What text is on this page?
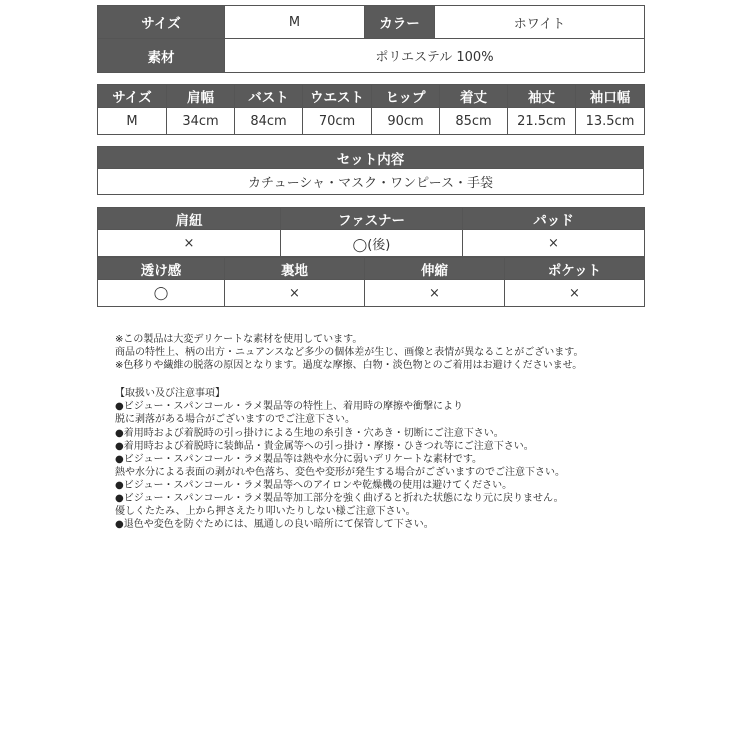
サイズ	M	カラー	ホワイト
素材	ポリエステル 100%		
サイズ	肩幅	バスト	ウエスト	ヒップ	着丈	袖丈	袖口幅
M	34cm	84cm	70cm	90cm	85cm	21.5cm	13.5cm
セット内容
カチューシャ・マスク・ワンピース・手袋
肩紐	ファスナー	パッド
×	◯(後)	×
透け感	裏地	伸縮	ポケット
◯	×	×	×
※この製品は大変デリケートな素材を使用しています。
商品の特性上、柄の出方・ニュアンスなど多少の個体差が生じ、画像と表情が異なることがございます。
※色移りや繊維の脱落の原因となります。過度な摩擦、白物・淡色物とのご着用はお避けくださいませ。
【取扱い及び注意事項】
●ビジュー・スパンコール・ラメ製品等の特性上、着用時の摩擦や衝撃により
脱に剥落がある場合がございますのでご注意下さい。
●着用時および着脱時の引っ掛けによる生地の糸引き・穴あき・切断にご注意下さい。
●着用時および着脱時に装飾品・貴金属等への引っ掛け・摩擦・ひきつれ等にご注意下さい。
●ビジュー・スパンコール・ラメ製品等は熱や水分に弱いデリケートな素材です。
熱や水分による表面の剥がれや色落ち、変色や変形が発生する場合がございますのでご注意下さい。
●ビジュー・スパンコール・ラメ製品等へのアイロンや乾燥機の使用は避けてください。
●ビジュー・スパンコール・ラメ製品等加工部分を強く曲げると折れた状態になり元に戻りません。
優しくたたみ、上から押さえたり叩いたりしない様ご注意下さい。
●退色や変色を防ぐためには、風通しの良い暗所にて保管して下さい。
